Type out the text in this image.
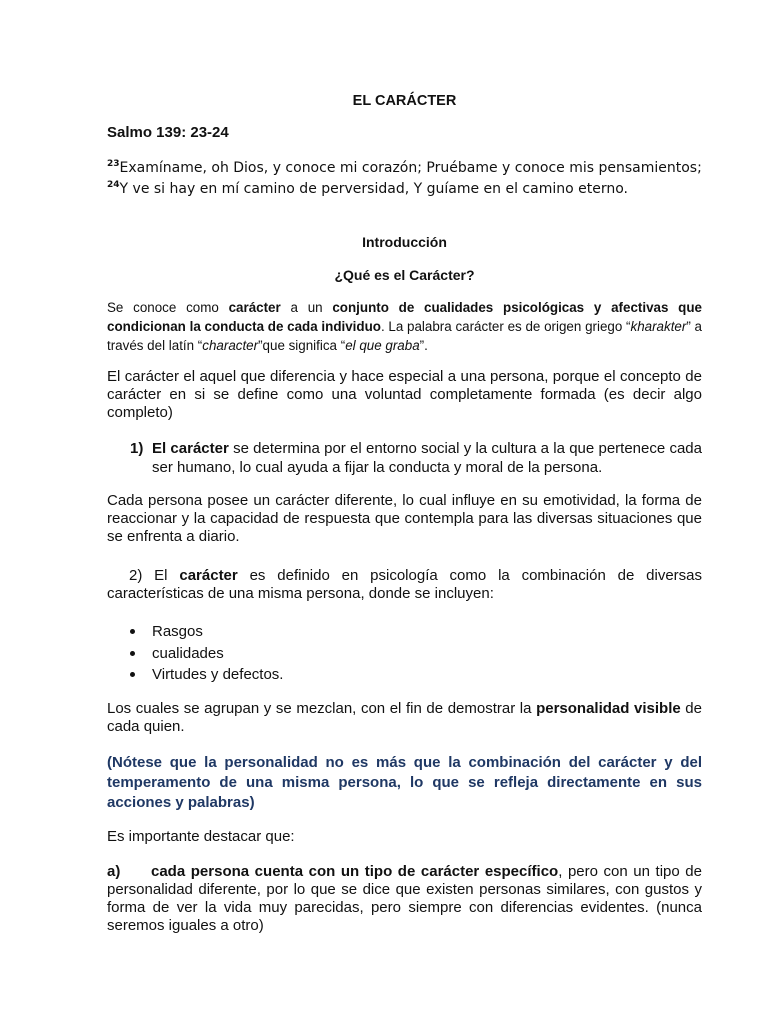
EL CARÁCTER

Salmo 139: 23-24

$^{23}$Examíname, oh Dios, y conoce mi corazón; Pruébame y conoce mis pensamientos;
$^{24}$Y ve si hay en mí camino de perversidad, Y guíame en el camino eterno.
Introducción
¿Qué es el Carácter?

Se conoce como carácter a un conjunto de cualidades psicológicas y afectivas que condicionan la conducta de cada individuo. La palabra carácter es de origen griego “kharakter” a través del latín “character”que significa “el que graba”.

El carácter el aquel que diferencia y hace especial a una persona, porque el concepto de carácter en si se define como una voluntad completamente formada (es decir algo completo)

1) El carácter se determina por el entorno social y la cultura a la que pertenece cada ser humano, lo cual ayuda a fijar la conducta y moral de la persona.

Cada persona posee un carácter diferente, lo cual influye en su emotividad, la forma de reaccionar y la capacidad de respuesta que contempla para las diversas situaciones que se enfrenta a diario.

2) El carácter es definido en psicología como la combinación de diversas características de una misma persona, donde se incluyen:

Rasgos
cualidades
Virtudes y defectos.

Los cuales se agrupan y se mezclan, con el fin de demostrar la personalidad visible de cada quien.

(Nótese que la personalidad no es más que la combinación del carácter y del temperamento de una misma persona, lo que se refleja directamente en sus acciones y palabras)

Es importante destacar que:

a) cada persona cuenta con un tipo de carácter específico, pero con un tipo de personalidad diferente, por lo que se dice que existen personas similares, con gustos y forma de ver la vida muy parecidas, pero siempre con diferencias evidentes. (nunca seremos iguales a otro)
